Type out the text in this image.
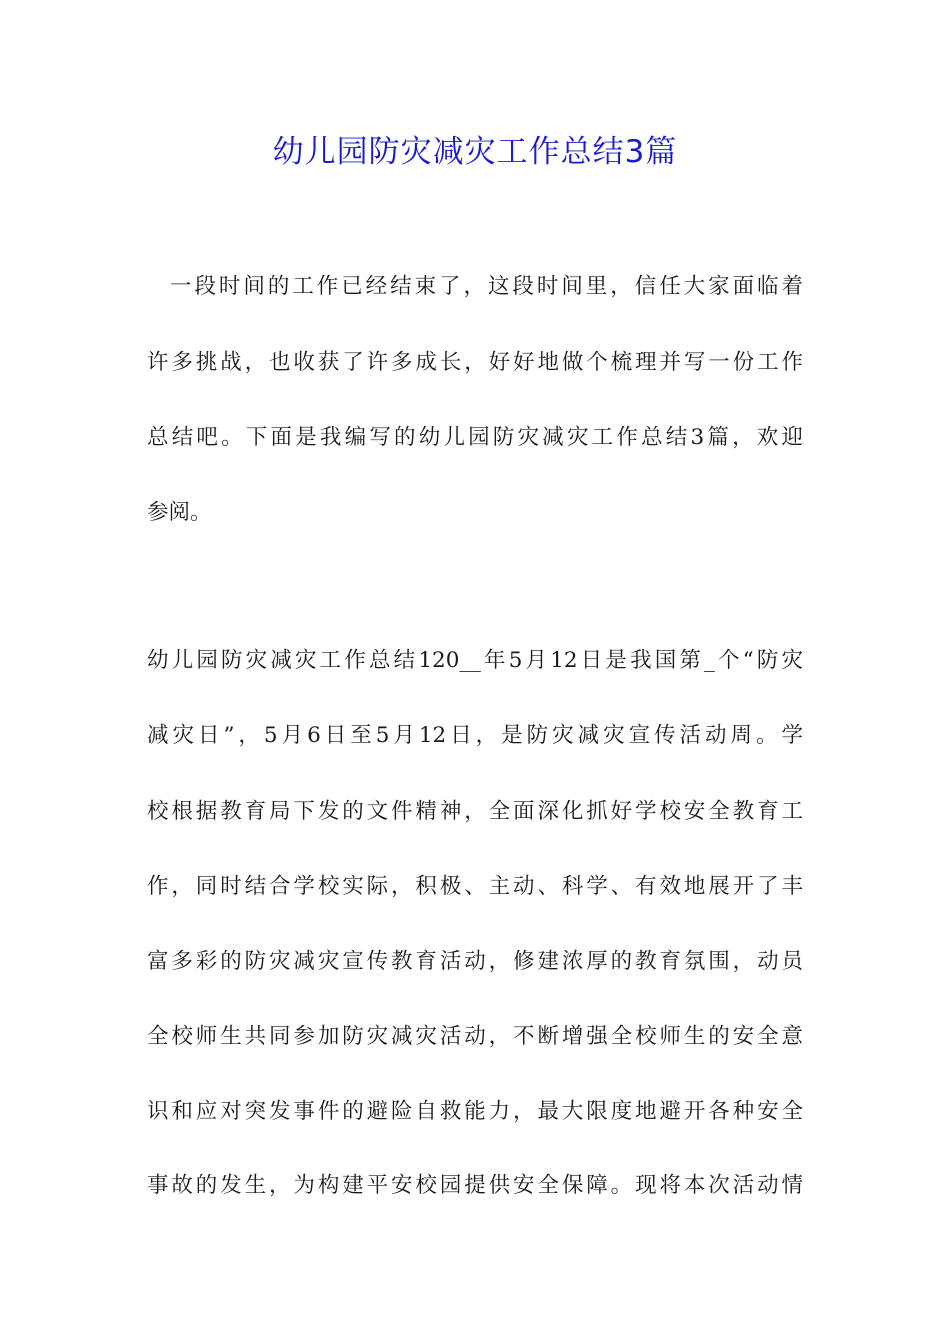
幼儿园防灾减灾工作总结3篇

一段时间的工作已经结束了，这段时间里，信任大家面临着

许多挑战，也收获了许多成长，好好地做个梳理并写一份工作

总结吧。下面是我编写的幼儿园防灾减灾工作总结3篇，欢迎

参阅。

幼儿园防灾减灾工作总结120__年5月12日是我国第_个“防灾

减灾日”，5月6日至5月12日，是防灾减灾宣传活动周。学

校根据教育局下发的文件精神，全面深化抓好学校安全教育工

作，同时结合学校实际，积极、主动、科学、有效地展开了丰

富多彩的防灾减灾宣传教育活动，修建浓厚的教育氛围，动员

全校师生共同参加防灾减灾活动，不断增强全校师生的安全意

识和应对突发事件的避险自救能力，最大限度地避开各种安全

事故的发生，为构建平安校园提供安全保障。现将本次活动情
